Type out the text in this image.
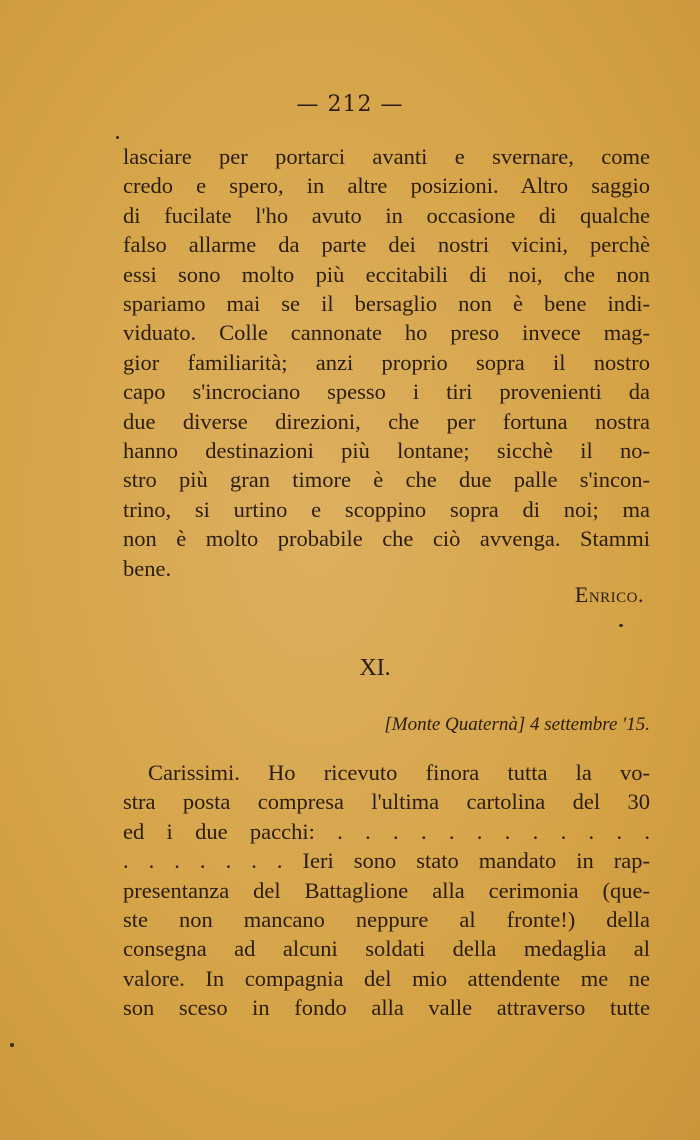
— 212 —
lasciare per portarci avanti e svernare, come
credo e spero, in altre posizioni. Altro saggio
di fucilate l'ho avuto in occasione di qualche
falso allarme da parte dei nostri vicini, perchè
essi sono molto più eccitabili di noi, che non
spariamo mai se il bersaglio non è bene indi-
viduato. Colle cannonate ho preso invece mag-
gior familiarità; anzi proprio sopra il nostro
capo s'incrociano spesso i tiri provenienti da
due diverse direzioni, che per fortuna nostra
hanno destinazioni più lontane; sicchè il no-
stro più gran timore è che due palle s'incon-
trino, si urtino e scoppino sopra di noi; ma
non è molto probabile che ciò avvenga. Stammi
bene.
Enrico.
XI.
[Monte Quaternà] 4 settembre '15.
Carissimi. Ho ricevuto finora tutta la vo-
stra posta compresa l'ultima cartolina del 30
ed i due pacchi: . . . . . . . . . . . .
. . . . . . . Ieri sono stato mandato in rap-
presentanza del Battaglione alla cerimonia (que-
ste non mancano neppure al fronte!) della
consegna ad alcuni soldati della medaglia al
valore. In compagnia del mio attendente me ne
son sceso in fondo alla valle attraverso tutte
